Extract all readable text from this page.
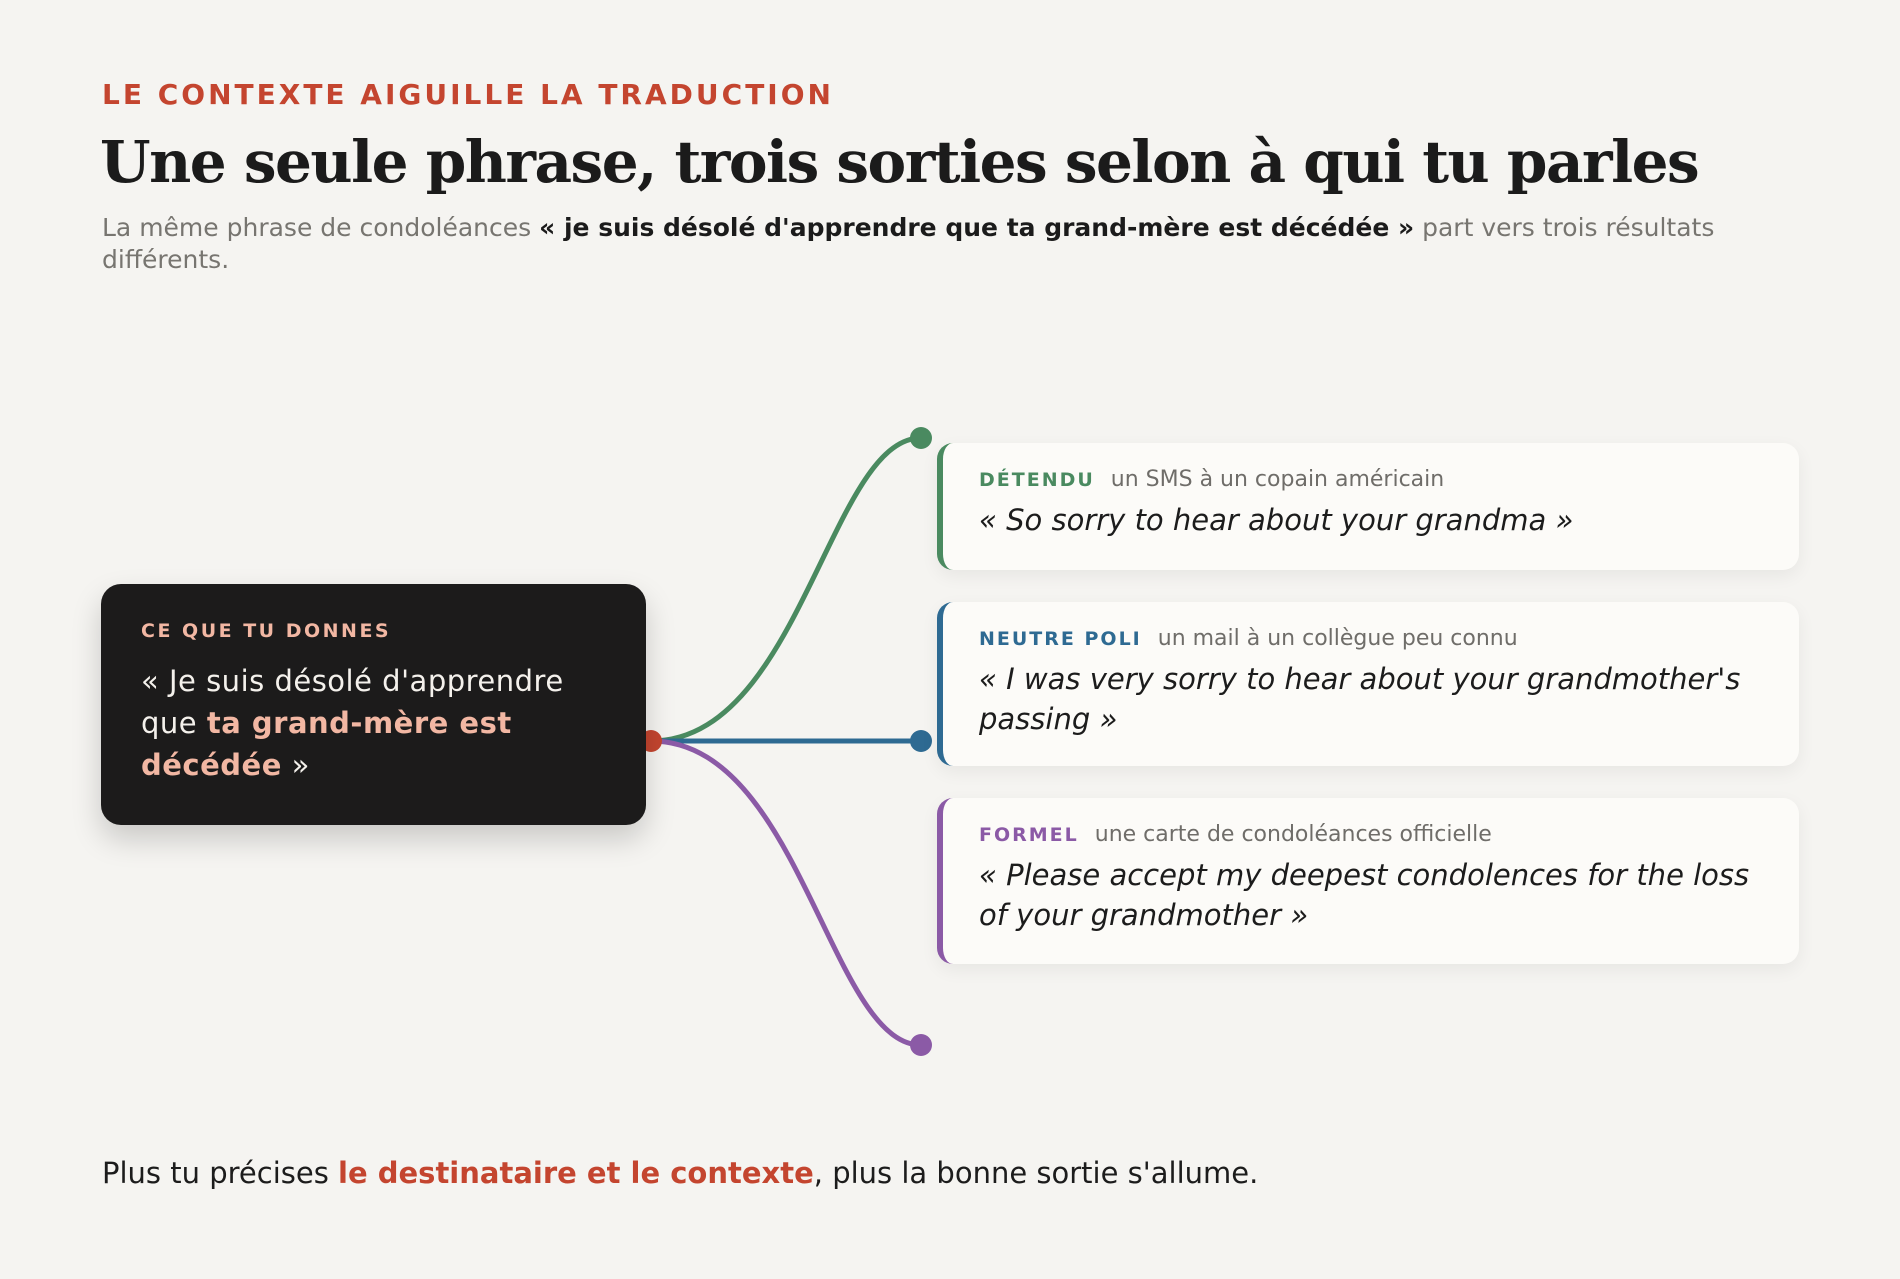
LE CONTEXTE AIGUILLE LA TRADUCTION
Une seule phrase, trois sorties selon à qui tu parles

La même phrase de condoléances « je suis désolé d'apprendre que ta grand-mère est décédée » part vers trois résultats différents.

CE QUE TU DONNES
« Je suis désolé d'apprendre que ta grand-mère est décédée »
DÉTENDU un SMS à un copain américain
« So sorry to hear about your grandma »
NEUTRE POLI un mail à un collègue peu connu
« I was very sorry to hear about your grandmother's passing »
FORMEL une carte de condoléances officielle
« Please accept my deepest condolences for the loss of your grandmother »

Plus tu précises le destinataire et le contexte, plus la bonne sortie s'allume.
